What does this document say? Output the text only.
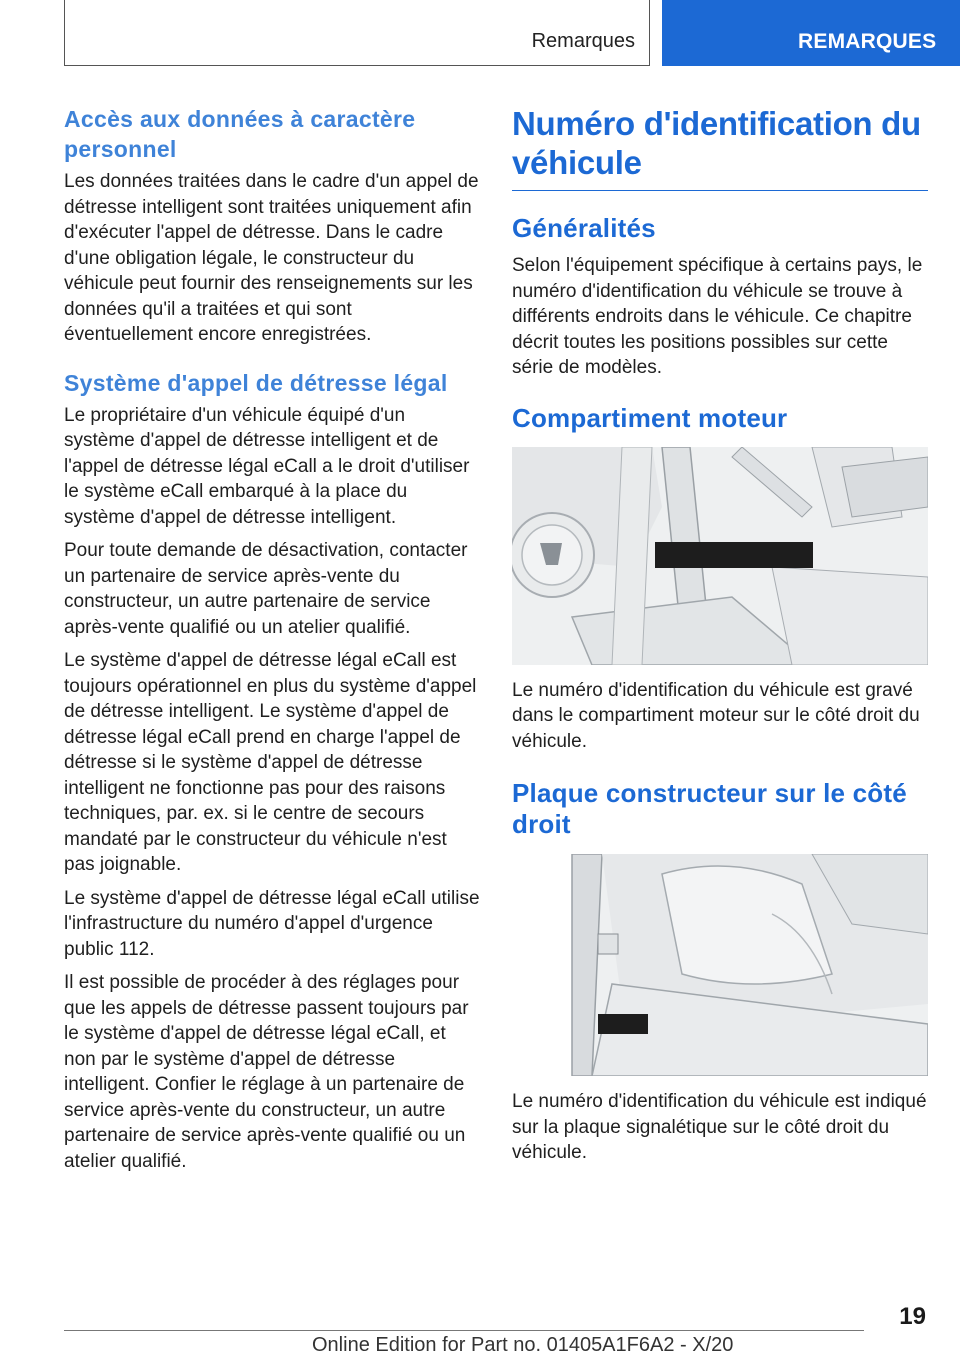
Remarques	REMARQUES
Accès aux données à caractère personnel

Les données traitées dans le cadre d'un appel de détresse intelligent sont traitées uniquement afin d'exécuter l'appel de détresse. Dans le cadre d'une obligation légale, le constructeur du véhicule peut fournir des renseignements sur les données qu'il a traitées et qui sont éventuellement encore enregistrées.

Système d'appel de détresse légal

Le propriétaire d'un véhicule équipé d'un système d'appel de détresse intelligent et de l'appel de détresse légal eCall a le droit d'utiliser le système eCall embarqué à la place du système d'appel de détresse intelligent.

Pour toute demande de désactivation, contacter un partenaire de service après-vente du constructeur, un autre partenaire de service après-vente qualifié ou un atelier qualifié.

Le système d'appel de détresse légal eCall est toujours opérationnel en plus du système d'appel de détresse intelligent. Le système d'appel de détresse légal eCall prend en charge l'appel de détresse si le système d'appel de détresse intelligent ne fonctionne pas pour des raisons techniques, par. ex. si le centre de secours mandaté par le constructeur du véhicule n'est pas joignable.

Le système d'appel de détresse légal eCall utilise l'infrastructure du numéro d'appel d'urgence public 112.

Il est possible de procéder à des réglages pour que les appels de détresse passent toujours par le système d'appel de détresse légal eCall, et non par le système d'appel de détresse intelligent. Confier le réglage à un partenaire de service après-vente du constructeur, un autre partenaire de service après-vente qualifié ou un atelier qualifié.

Numéro d'identification du véhicule
Généralités

Selon l'équipement spécifique à certains pays, le numéro d'identification du véhicule se trouve à différents endroits dans le véhicule. Ce chapitre décrit toutes les positions possibles sur cette série de modèles.

Compartiment moteur

Le numéro d'identification du véhicule est gravé dans le compartiment moteur sur le côté droit du véhicule.

Plaque constructeur sur le côté droit

Le numéro d'identification du véhicule est indiqué sur la plaque signalétique sur le côté droit du véhicule.

19
Online Edition for Part no. 01405A1F6A2 - X/20
